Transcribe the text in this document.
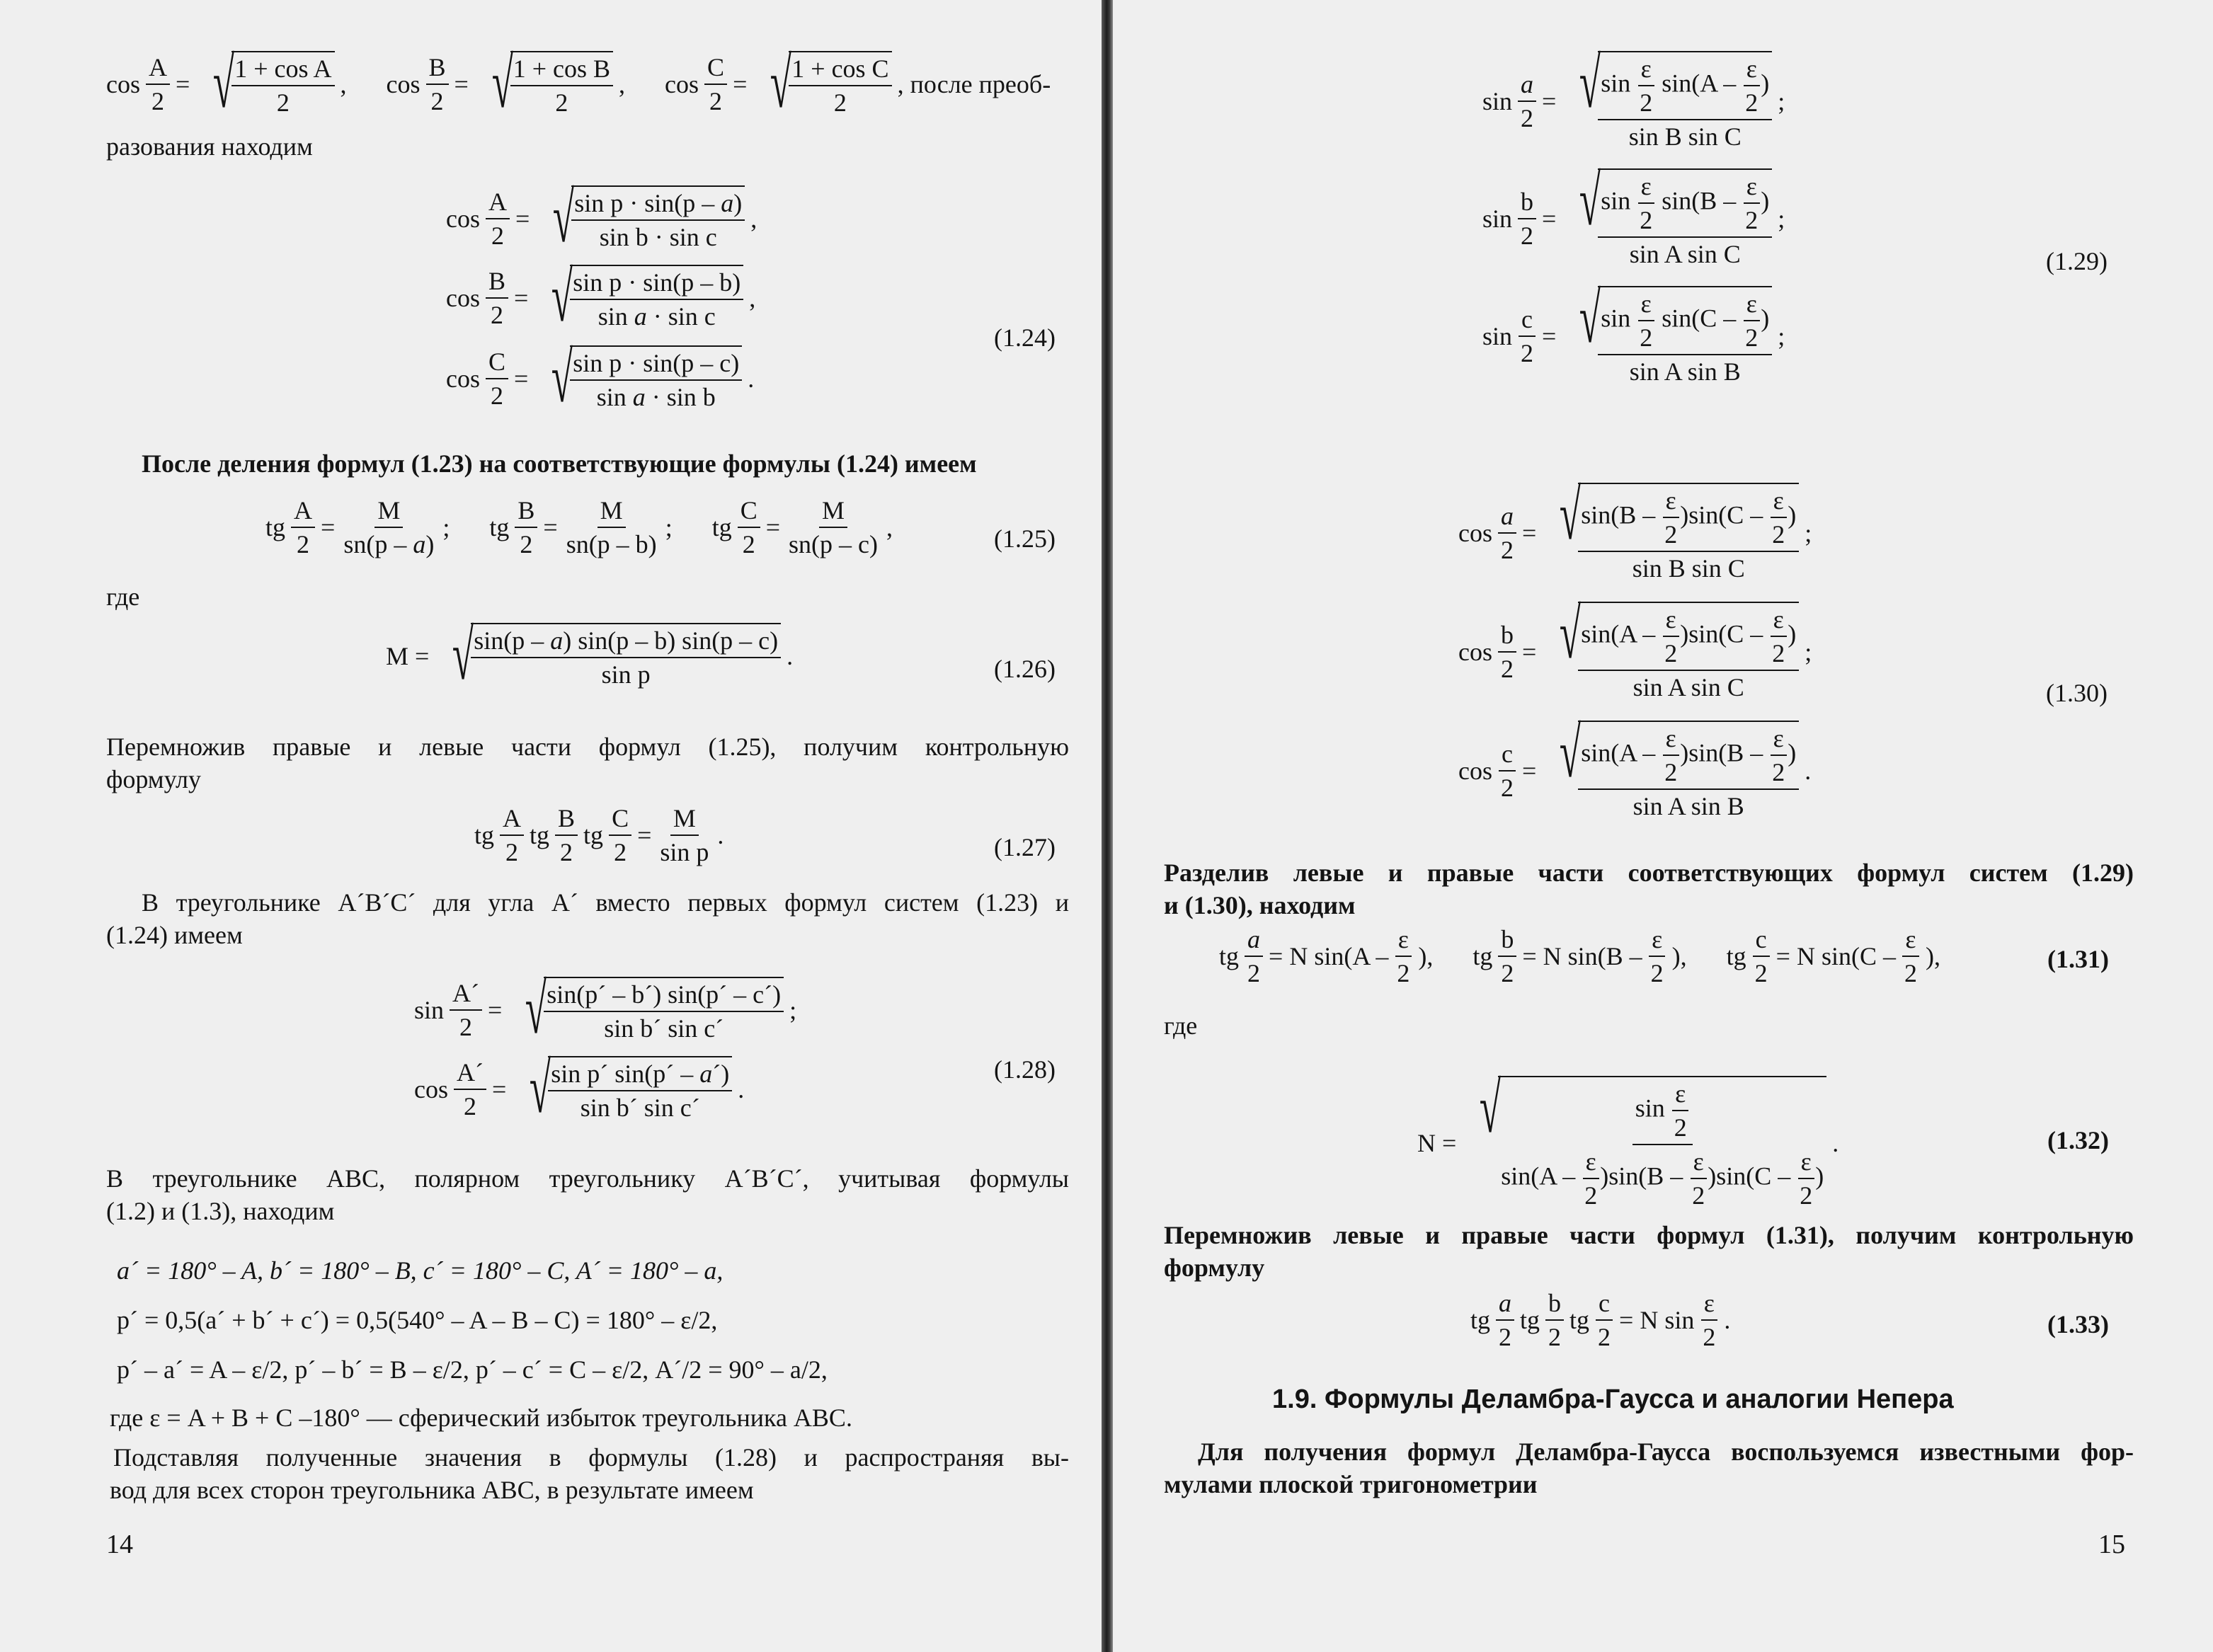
$\cos \frac{A}{2}$ = √
$\frac{\text{1 + cos A}}{2}$ , $\cos \frac{B}{2}$ = √
$\frac{\text{1 + cos B}}{2}$ , $\cos \frac{C}{2}$ = √
$\frac{\text{1 + cos C}}{2}$ , после преоб-
разования находим
$\cos \frac{A}{2}$ = √
$\frac{\text{sin p · sin(p – a)}}{\text{sin b · sin c}}$ ,
$\cos \frac{B}{2}$ = √
$\frac{\text{sin p · sin(p – b)}}{\text{sin a · sin c}}$ ,
$\cos \frac{C}{2}$ = √
$\frac{\text{sin p · sin(p – c)}}{\text{sin a · sin b}}$ .
(1.24)
После деления формул (1.23) на соответствующие формулы (1.24) имеем
tg $\frac{A}{2} = \frac{M}{sn(p - a)}$ ; tg $\frac{B}{2} = \frac{M}{sn(p - b)}$ ; tg $\frac{C}{2} = \frac{M}{sn(p - c)}$ ,	(1.25)
где
M = √
$\frac{\sin(p - a) \sin(p - b) \sin(p - c)}{\text{sin p}}$ .	(1.26)
Перемножив правые и левые части формул (1.25), получим контрольную
формулу
tg $\frac{A}{2}$ tg $\frac{B}{2}$ tg $\frac{C}{2} = \frac{M}{\text{sin p}}$ .	(1.27)
В треугольнике A´B´C´ для угла A´ вместо первых формул систем (1.23) и
(1.24) имеем
$\sin \frac{A´}{2}$ = √
$\frac{\sin(p´ - b´) \sin(p´ - c´)}{\text{sin b´ sin c´}}$ ;
$\cos \frac{A´}{2}$ = √
$\frac{\text{sin p´ sin(p´ – a´)}}{\text{sin b´ sin c´}}$ .
(1.28)
В треугольнике ABC, полярном треугольнику A´B´C´, учитывая формулы
(1.2) и (1.3), находим
a´ = 180° – A, b´ = 180° – B, c´ = 180° – C, A´ = 180° – a,
p´ = 0,5(a´ + b´ + c´) = 0,5(540° – A – B – C) = 180° – ε/2,
p´ – a´ = A – ε/2, p´ – b´ = B – ε/2, p´ – c´ = C – ε/2, A´/2 = 90° – a/2,
где ε = A + B + C –180° — сферический избыток треугольника ABC.
Подставляя полученные значения в формулы (1.28) и распространяя вы-
вод для всех сторон треугольника ABC, в результате имеем
14
$\sin \frac{a}{2}$ = √
$\frac{\sin \frac{\varepsilon}{2} \sin(A - \frac{\varepsilon}{2} )}{\text{sin B sin C}}$ ;
$\sin \frac{b}{2}$ = √
$\frac{\sin \frac{\varepsilon}{2} \sin(B - \frac{\varepsilon}{2} )}{\text{sin A sin C}}$ ;
$\sin \frac{c}{2}$ = √
$\frac{\sin \frac{\varepsilon}{2} \sin(C - \frac{\varepsilon}{2} )}{\text{sin A sin B}}$ ;
(1.29)
$\cos \frac{a}{2}$ = √
$\frac{\sin(B - \frac{\varepsilon}{2} )\sin(C - \frac{\varepsilon}{2} )}{\text{sin B sin C}}$ ;
$\cos \frac{b}{2}$ = √
$\frac{\sin(A - \frac{\varepsilon}{2} )\sin(C - \frac{\varepsilon}{2} )}{\text{sin A sin C}}$ ;
$\cos \frac{c}{2}$ = √
$\frac{\sin(A - \frac{\varepsilon}{2} )\sin(B - \frac{\varepsilon}{2} )}{\text{sin A sin B}}$ .
(1.30)
Разделив левые и правые части соответствующих формул систем (1.29)
и (1.30), находим
tg $\frac{a}{2} = N$ $\sin(A - \frac{\varepsilon}{2}$ ), tg $\frac{b}{2} = N$ $\sin(B - \frac{\varepsilon}{2}$ ), tg $\frac{c}{2} = N$ $\sin(C - \frac{\varepsilon}{2}$ ),	(1.31)
где
N = √
$\frac{\sin \frac{\varepsilon}{2}}{\sin(A - \frac{\varepsilon}{2} )\sin(B - \frac{\varepsilon}{2} )\sin(C - \frac{\varepsilon}{2} )}$ .	(1.32)
Перемножив левые и правые части формул (1.31), получим контрольную
формулу
tg $\frac{a}{2}$ tg $\frac{b}{2}$ tg $\frac{c}{2} = N$ $\sin \frac{\varepsilon}{2}$ .	(1.33)
1.9. Формулы Деламбра-Гаусса и аналогии Непера
Для получения формул Деламбра-Гаусса воспользуемся известными фор-
мулами плоской тригонометрии
15
